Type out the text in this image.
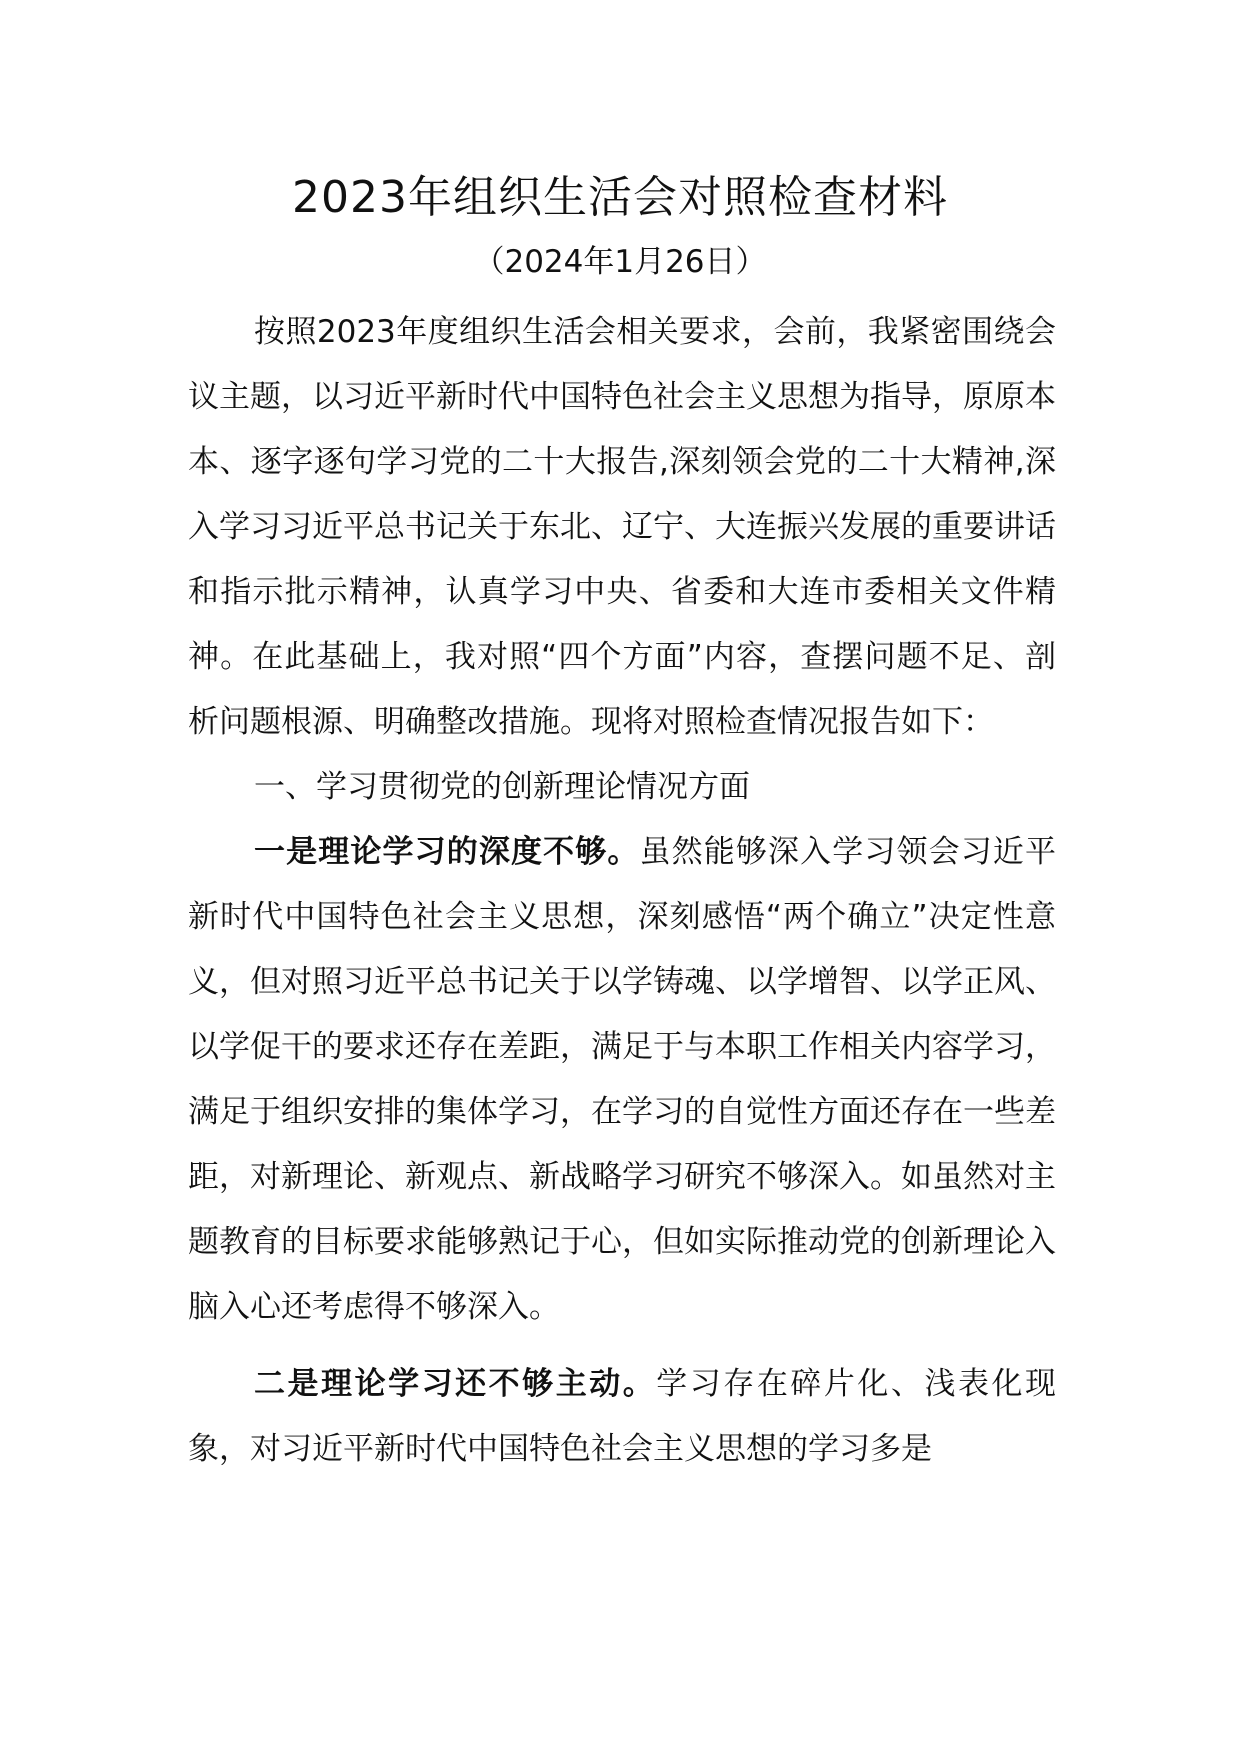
2023年组织生活会对照检查材料
（2024年1月26日）

按照2023年度组织生活会相关要求，会前，我紧密围绕会议主题，以习近平新时代中国特色社会主义思想为指导，原原本本、逐字逐句学习党的二十大报告,深刻领会党的二十大精神,深入学习习近平总书记关于东北、辽宁、大连振兴发展的重要讲话和指示批示精神，认真学习中央、省委和大连市委相关文件精神。在此基础上，我对照“四个方面”内容，查摆问题不足、剖析问题根源、明确整改措施。现将对照检查情况报告如下：

一、学习贯彻党的创新理论情况方面

一是理论学习的深度不够。虽然能够深入学习领会习近平新时代中国特色社会主义思想，深刻感悟“两个确立”决定性意义，但对照习近平总书记关于以学铸魂、以学增智、以学正风、以学促干的要求还存在差距，满足于与本职工作相关内容学习，满足于组织安排的集体学习，在学习的自觉性方面还存在一些差距，对新理论、新观点、新战略学习研究不够深入。如虽然对主题教育的目标要求能够熟记于心，但如实际推动党的创新理论入脑入心还考虑得不够深入。

二是理论学习还不够主动。学习存在碎片化、浅表化现象，对习近平新时代中国特色社会主义思想的学习多是
